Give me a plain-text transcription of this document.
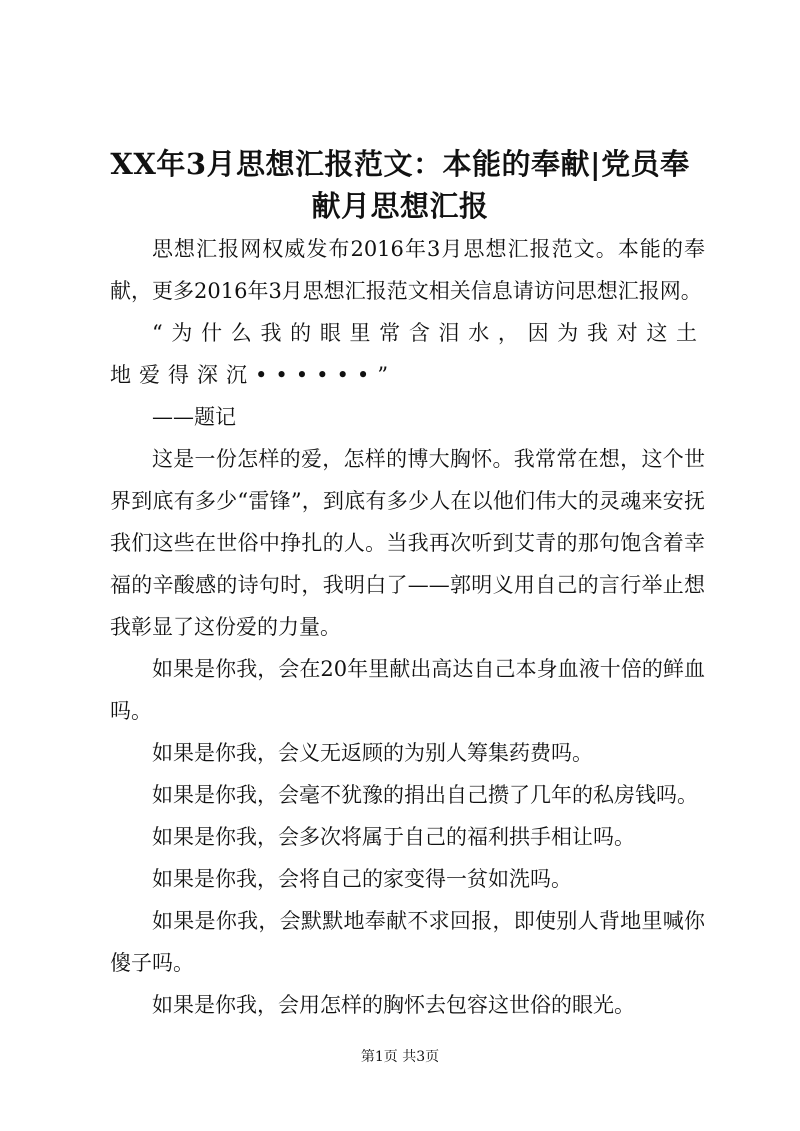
XX年3月思想汇报范文：本能的奉献|党员奉献月思想汇报

思想汇报网权威发布2016年3月思想汇报范文。本能的奉献，更多2016年3月思想汇报范文相关信息请访问思想汇报网。

“为什么我的眼里常含泪水，因为我对这土地爱得深沉••••••”

——题记

这是一份怎样的爱，怎样的博大胸怀。我常常在想，这个世界到底有多少“雷锋”，到底有多少人在以他们伟大的灵魂来安抚我们这些在世俗中挣扎的人。当我再次听到艾青的那句饱含着幸福的辛酸感的诗句时，我明白了——郭明义用自己的言行举止想我彰显了这份爱的力量。

如果是你我，会在20年里献出高达自己本身血液十倍的鲜血吗。

如果是你我，会义无返顾的为别人筹集药费吗。

如果是你我，会毫不犹豫的捐出自己攒了几年的私房钱吗。

如果是你我，会多次将属于自己的福利拱手相让吗。

如果是你我，会将自己的家变得一贫如洗吗。

如果是你我，会默默地奉献不求回报，即使别人背地里喊你傻子吗。

如果是你我，会用怎样的胸怀去包容这世俗的眼光。

第1页 共3页
